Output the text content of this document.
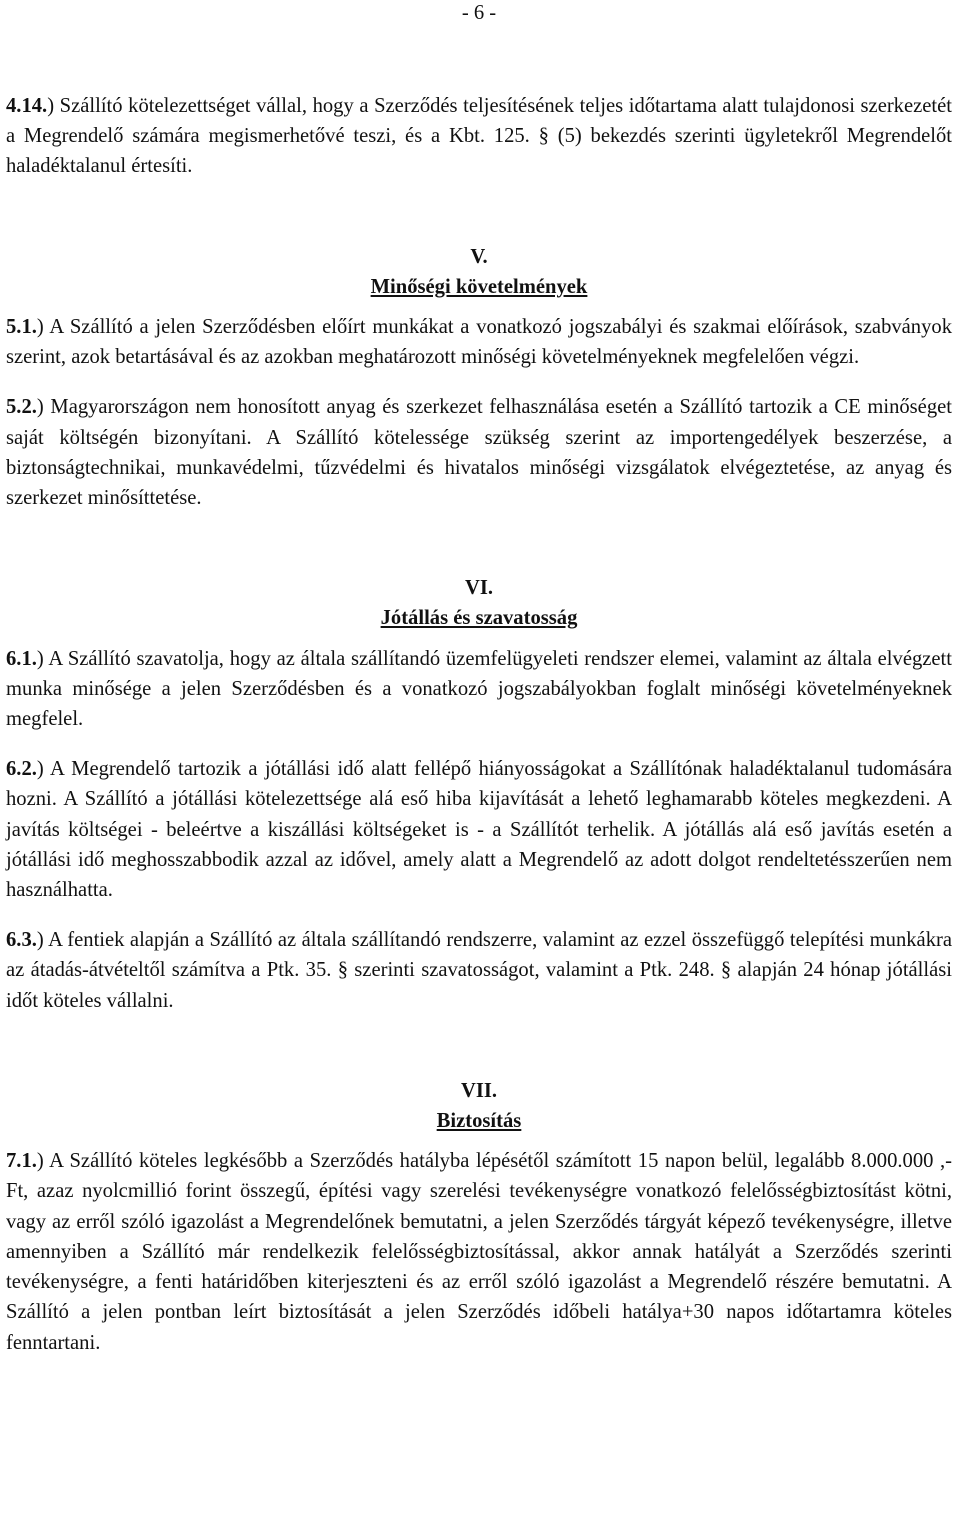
- 6 -

4.14.) Szállító kötelezettséget vállal, hogy a Szerződés teljesítésének teljes időtartama alatt tulajdonosi szerkezetét a Megrendelő számára megismerhetővé teszi, és a Kbt. 125. § (5) bekezdés szerinti ügyletekről Megrendelőt haladéktalanul értesíti.

V.
Minőségi követelmények

5.1.) A Szállító a jelen Szerződésben előírt munkákat a vonatkozó jogszabályi és szakmai előírások, szabványok szerint, azok betartásával és az azokban meghatározott minőségi követelményeknek megfelelően végzi.

5.2.) Magyarországon nem honosított anyag és szerkezet felhasználása esetén a Szállító tartozik a CE minőséget saját költségén bizonyítani. A Szállító kötelessége szükség szerint az importengedélyek beszerzése, a biztonságtechnikai, munkavédelmi, tűzvédelmi és hivatalos minőségi vizsgálatok elvégeztetése, az anyag és szerkezet minősíttetése.

VI.
Jótállás és szavatosság

6.1.) A Szállító szavatolja, hogy az általa szállítandó üzemfelügyeleti rendszer elemei, valamint az általa elvégzett munka minősége a jelen Szerződésben és a vonatkozó jogszabályokban foglalt minőségi követelményeknek megfelel.

6.2.) A Megrendelő tartozik a jótállási idő alatt fellépő hiányosságokat a Szállítónak haladéktalanul tudomására hozni. A Szállító a jótállási kötelezettsége alá eső hiba kijavítását a lehető leghamarabb köteles megkezdeni. A javítás költségei - beleértve a kiszállási költségeket is - a Szállítót terhelik. A jótállás alá eső javítás esetén a jótállási idő meghosszabbodik azzal az idővel, amely alatt a Megrendelő az adott dolgot rendeltetésszerűen nem használhatta.

6.3.) A fentiek alapján a Szállító az általa szállítandó rendszerre, valamint az ezzel összefüggő telepítési munkákra az átadás-átvételtől számítva a Ptk. 35. § szerinti szavatosságot, valamint a Ptk. 248. § alapján 24 hónap jótállási időt köteles vállalni.

VII.
Biztosítás

7.1.) A Szállító köteles legkésőbb a Szerződés hatályba lépésétől számított 15 napon belül, legalább 8.000.000 ,-Ft, azaz nyolcmillió forint összegű, építési vagy szerelési tevékenységre vonatkozó felelősségbiztosítást kötni, vagy az erről szóló igazolást a Megrendelőnek bemutatni, a jelen Szerződés tárgyát képező tevékenységre, illetve amennyiben a Szállító már rendelkezik felelősségbiztosítással, akkor annak hatályát a Szerződés szerinti tevékenységre, a fenti határidőben kiterjeszteni és az erről szóló igazolást a Megrendelő részére bemutatni. A Szállító a jelen pontban leírt biztosítását a jelen Szerződés időbeli hatálya+30 napos időtartamra köteles fenntartani.
